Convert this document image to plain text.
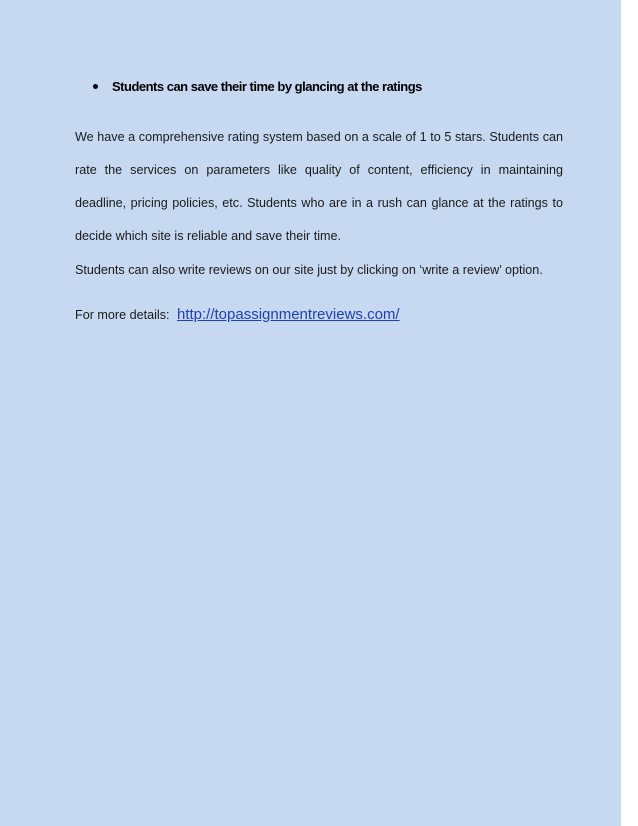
Students can save their time by glancing at the ratings

We have a comprehensive rating system based on a scale of 1 to 5 stars. Students can
rate the services on parameters like quality of content, efficiency in maintaining
deadline, pricing policies, etc. Students who are in a rush can glance at the ratings to
decide which site is reliable and save their time.

Students can also write reviews on our site just by clicking on ‘write a review’ option.

For more details: http://topassignmentreviews.com/
